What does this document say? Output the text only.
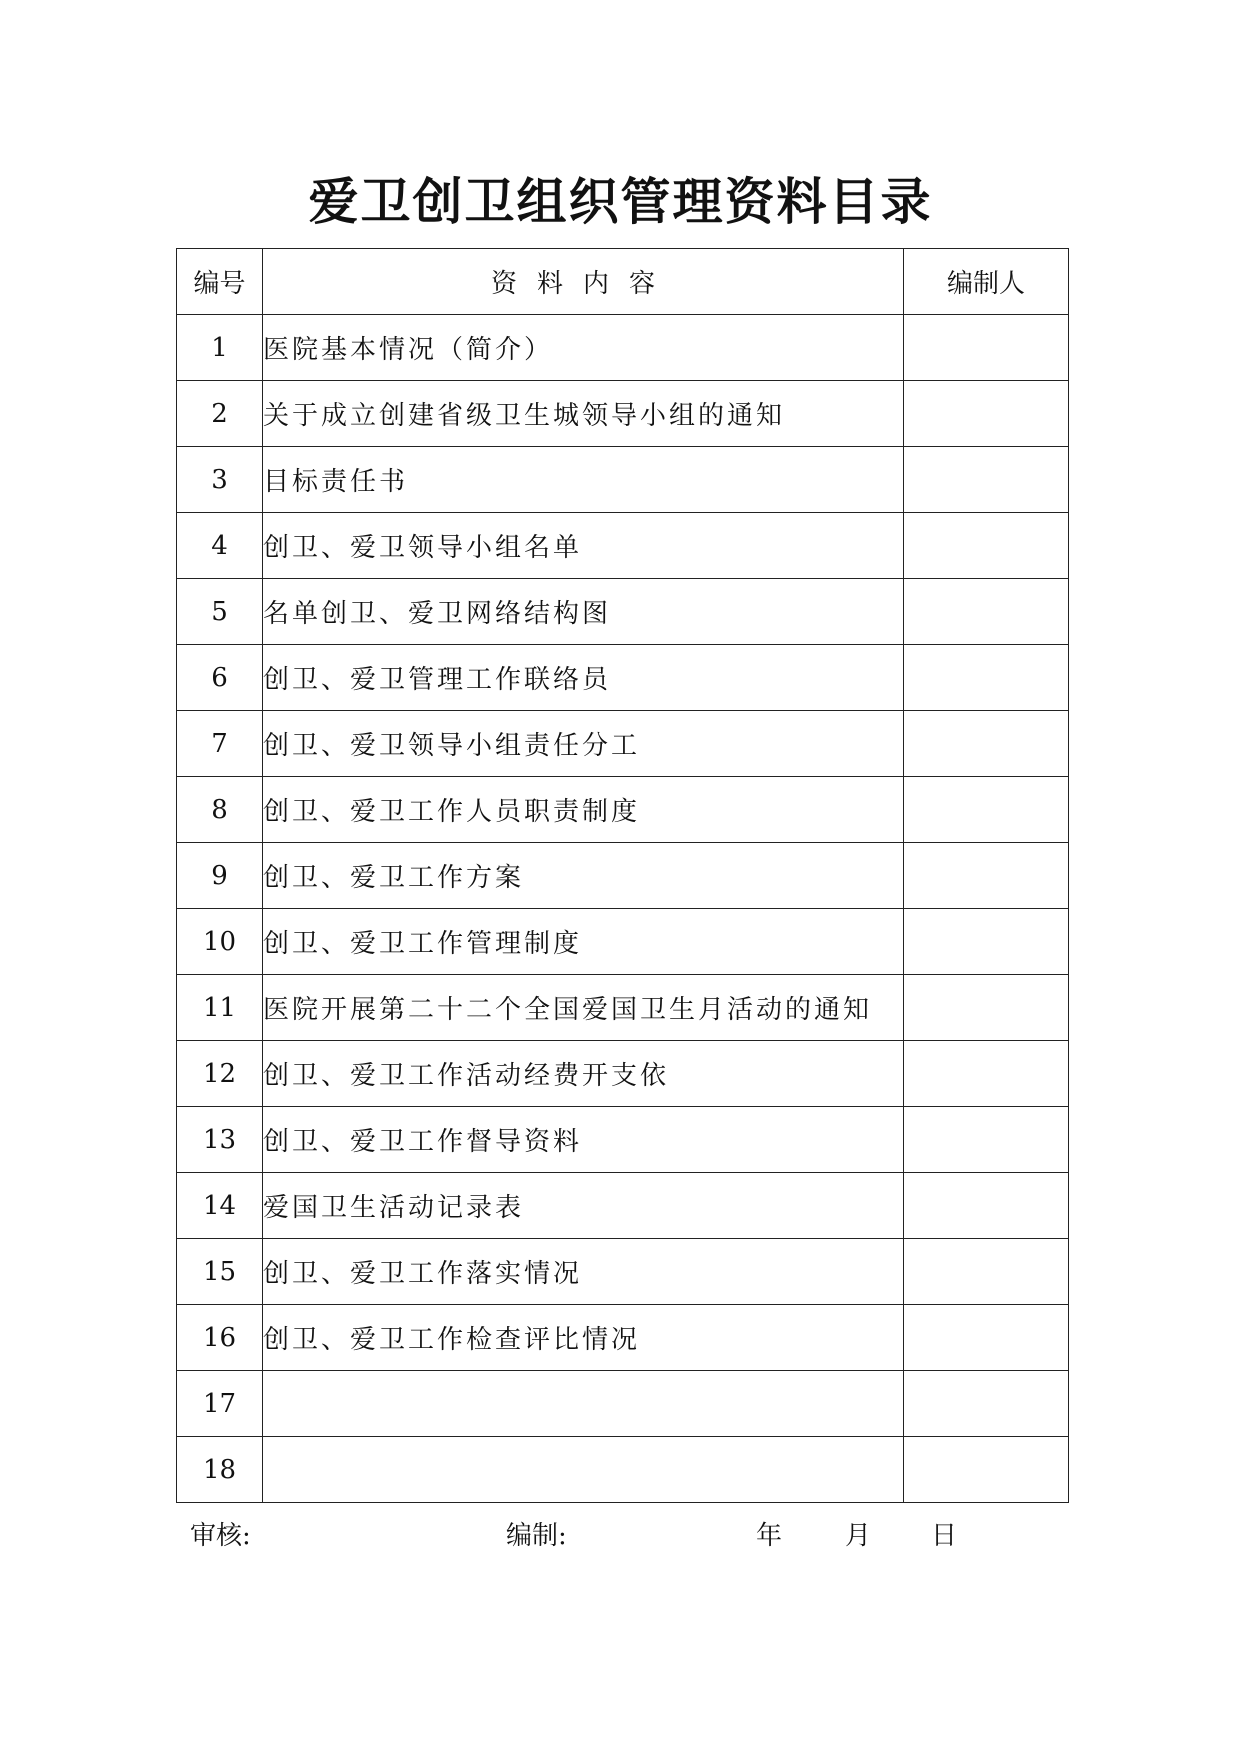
爱卫创卫组织管理资料目录
编号	资料内容	编制人
1	医院基本情况（简介）	
2	关于成立创建省级卫生城领导小组的通知	
3	目标责任书	
4	创卫、爱卫领导小组名单	
5	名单创卫、爱卫网络结构图	
6	创卫、爱卫管理工作联络员	
7	创卫、爱卫领导小组责任分工	
8	创卫、爱卫工作人员职责制度	
9	创卫、爱卫工作方案	
10	创卫、爱卫工作管理制度	
11	医院开展第二十二个全国爱国卫生月活动的通知	
12	创卫、爱卫工作活动经费开支依	
13	创卫、爱卫工作督导资料	
14	爱国卫生活动记录表	
15	创卫、爱卫工作落实情况	
16	创卫、爱卫工作检查评比情况	
17		
18		
审核:	编制:	年 月 日
